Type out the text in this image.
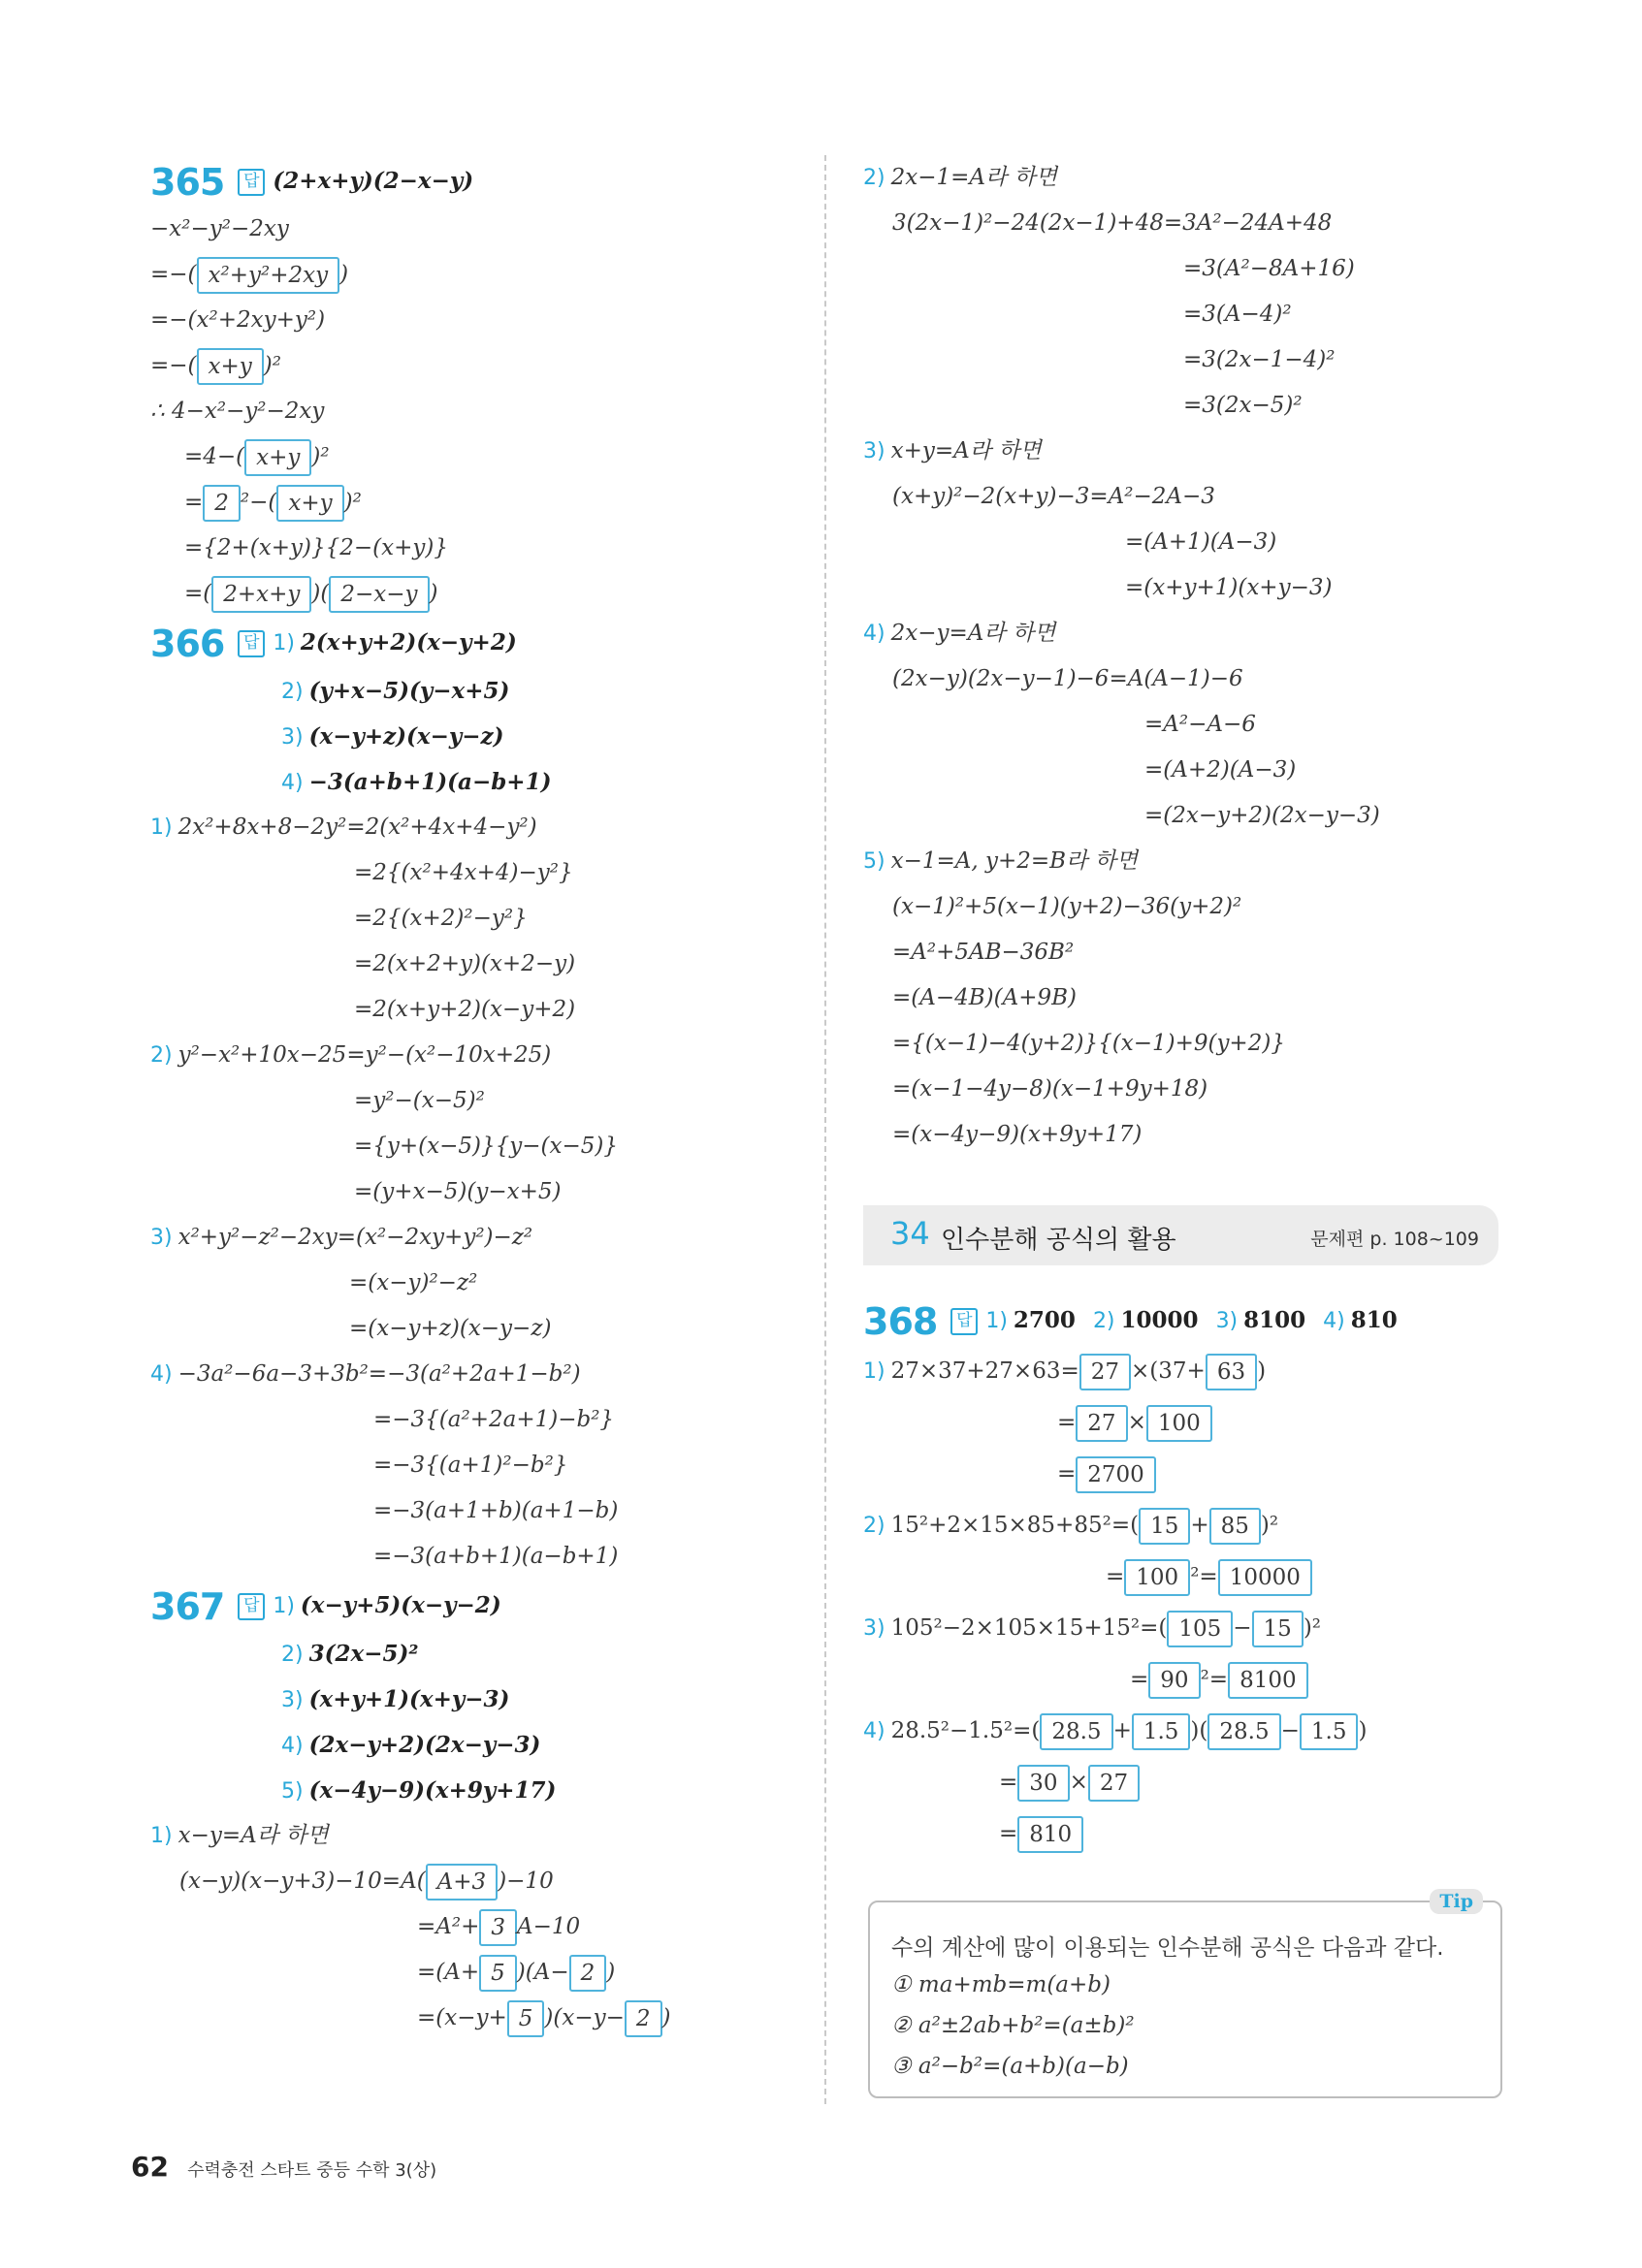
365 답 (2+x+y)(2−x−y)
−x²−y²−2xy
=−( x²+y²+2xy )
=−(x²+2xy+y²)
=−( x+y )²
∴ 4−x²−y²−2xy
=4−( x+y )²
= 2 ²−( x+y )²
={2+(x+y)}{2−(x+y)}
=( 2+x+y )( 2−x−y )
366 답 1) 2(x+y+2)(x−y+2)
2) (y+x−5)(y−x+5)
3) (x−y+z)(x−y−z)
4) −3(a+b+1)(a−b+1)
1) 2x²+8x+8−2y²=2(x²+4x+4−y²)
=2{(x²+4x+4)−y²}
=2{(x+2)²−y²}
=2(x+2+y)(x+2−y)
=2(x+y+2)(x−y+2)
2) y²−x²+10x−25=y²−(x²−10x+25)
=y²−(x−5)²
={y+(x−5)}{y−(x−5)}
=(y+x−5)(y−x+5)
3) x²+y²−z²−2xy=(x²−2xy+y²)−z²
=(x−y)²−z²
=(x−y+z)(x−y−z)
4) −3a²−6a−3+3b²=−3(a²+2a+1−b²)
=−3{(a²+2a+1)−b²}
=−3{(a+1)²−b²}
=−3(a+1+b)(a+1−b)
=−3(a+b+1)(a−b+1)
367 답 1) (x−y+5)(x−y−2)
2) 3(2x−5)²
3) (x+y+1)(x+y−3)
4) (2x−y+2)(2x−y−3)
5) (x−4y−9)(x+9y+17)
1) x−y=A라 하면
(x−y)(x−y+3)−10=A( A+3 )−10
=A²+ 3 A−10
=(A+ 5 )(A− 2 )
=(x−y+ 5 )(x−y− 2 )
2) 2x−1=A라 하면
3(2x−1)²−24(2x−1)+48=3A²−24A+48
=3(A²−8A+16)
=3(A−4)²
=3(2x−1−4)²
=3(2x−5)²
3) x+y=A라 하면
(x+y)²−2(x+y)−3=A²−2A−3
=(A+1)(A−3)
=(x+y+1)(x+y−3)
4) 2x−y=A라 하면
(2x−y)(2x−y−1)−6=A(A−1)−6
=A²−A−6
=(A+2)(A−3)
=(2x−y+2)(2x−y−3)
5) x−1=A, y+2=B라 하면
(x−1)²+5(x−1)(y+2)−36(y+2)²
=A²+5AB−36B²
=(A−4B)(A+9B)
={(x−1)−4(y+2)}{(x−1)+9(y+2)}
=(x−1−4y−8)(x−1+9y+18)
=(x−4y−9)(x+9y+17)
34 인수분해 공식의 활용	문제편 p. 108~109
368 답 1) 2700 2) 10000 3) 8100 4) 810
1) 27×37+27×63= 27 ×(37+ 63 )
= 27 × 100
= 2700
2) 15²+2×15×85+85²=( 15 + 85 )²
= 100 ²= 10000
3) 105²−2×105×15+15²=( 105 − 15 )²
= 90 ²= 8100
4) 28.5²−1.5²=( 28.5 + 1.5 )( 28.5 − 1.5 )
= 30 × 27
= 810
Tip
수의 계산에 많이 이용되는 인수분해 공식은 다음과 같다.
① ma+mb=m(a+b)
② a²±2ab+b²=(a±b)²
③ a²−b²=(a+b)(a−b)
62 수력충전 스타트 중등 수학 3(상)
